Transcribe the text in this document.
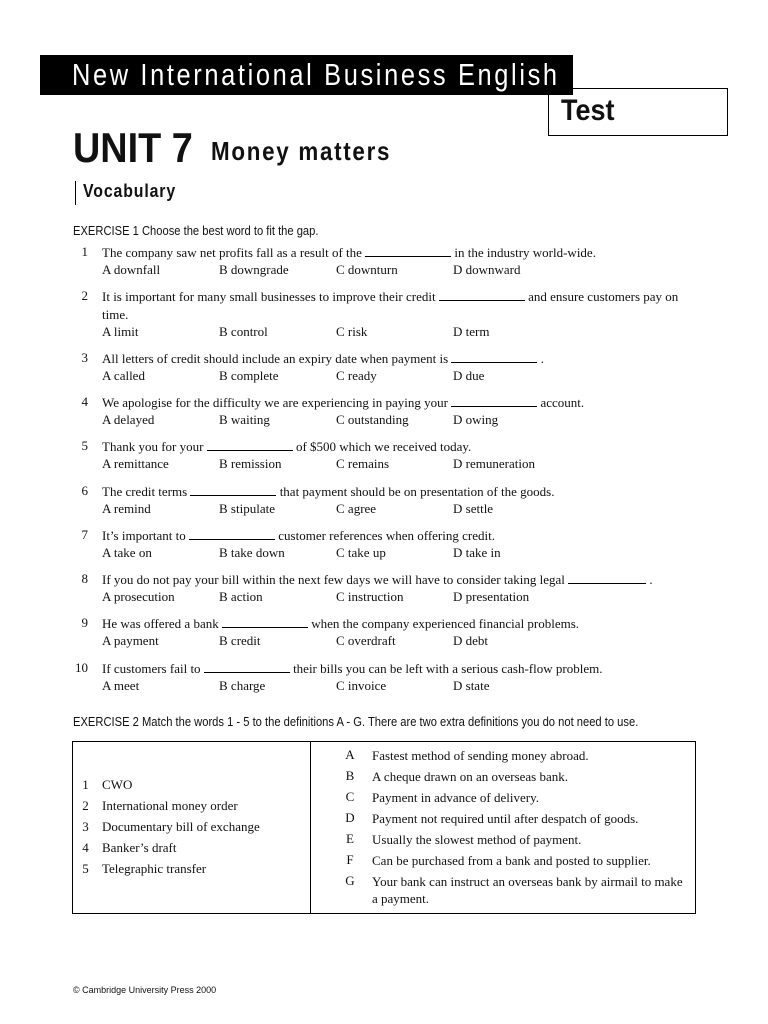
New International Business English
Test
UNIT 7 Money matters
Vocabulary
EXERCISE 1 Choose the best word to fit the gap.
1 The company saw net profits fall as a result of the	in the industry world-wide.
A downfall	B downgrade	C downturn	D downward
2 It is important for many small businesses to improve their credit	and ensure customers pay on time.
A limit	B control	C risk	D term
3 All letters of credit should include an expiry date when payment is	.
A called	B complete	C ready	D due
4 We apologise for the difficulty we are experiencing in paying your	account.
A delayed	B waiting	C outstanding	D owing
5 Thank you for your	of $500 which we received today.
A remittance	B remission	C remains	D remuneration
6 The credit terms	that payment should be on presentation of the goods.
A remind	B stipulate	C agree	D settle
7 It’s important to	customer references when offering credit.
A take on	B take down	C take up	D take in
8 If you do not pay your bill within the next few days we will have to consider taking legal	.
A prosecution	B action	C instruction	D presentation
9 He was offered a bank	when the company experienced financial problems.
A payment	B credit	C overdraft	D debt
10 If customers fail to	their bills you can be left with a serious cash-flow problem.
A meet	B charge	C invoice	D state
EXERCISE 2 Match the words 1 - 5 to the definitions A - G. There are two extra definitions you do not need to use.
1 CWO
2 International money order
3 Documentary bill of exchange
4 Banker’s draft
5 Telegraphic transfer
A	Fastest method of sending money abroad.
B	A cheque drawn on an overseas bank.
C	Payment in advance of delivery.
D	Payment not required until after despatch of goods.
E	Usually the slowest method of payment.
F	Can be purchased from a bank and posted to supplier.
G	Your bank can instruct an overseas bank by airmail to make a payment.
© Cambridge University Press 2000
